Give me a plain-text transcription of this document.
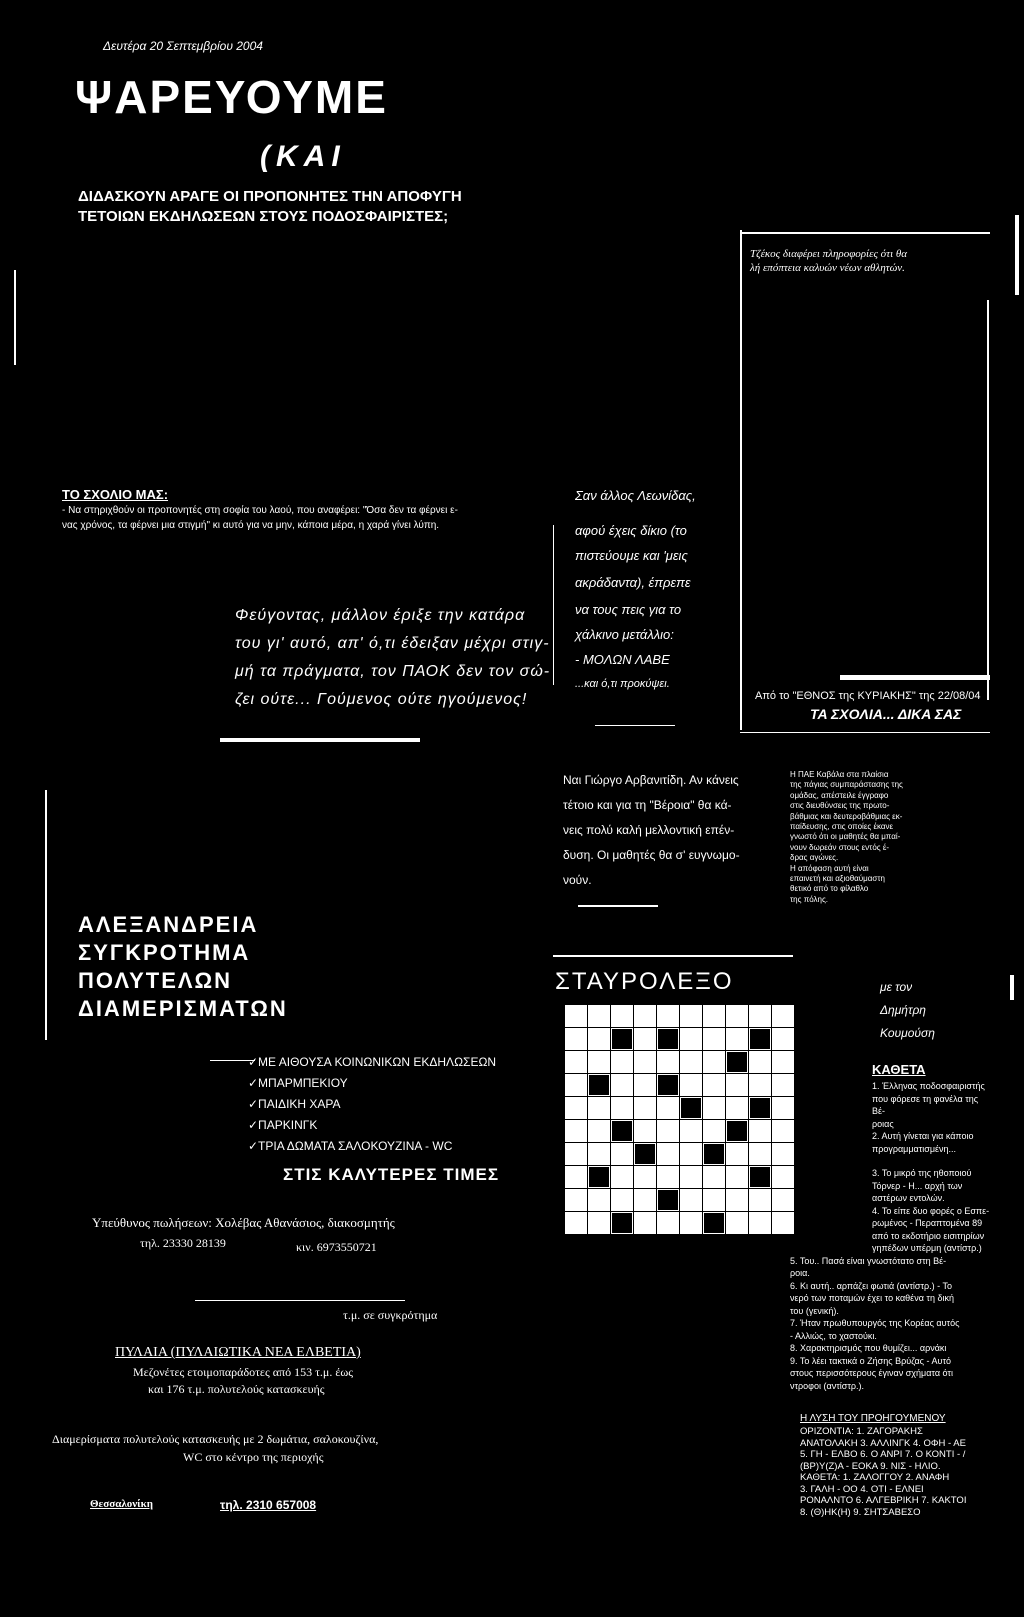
Δευτέρα 20 Σεπτεμβρίου 2004
ΨΑΡΕΥΟΥΜΕ
(ΚΑΙ
ΔΙΔΑΣΚΟΥΝ ΑΡΑΓΕ ΟΙ ΠΡΟΠΟΝΗΤΕΣ ΤΗΝ ΑΠΟΦΥΓΗ
ΤΕΤΟΙΩΝ ΕΚΔΗΛΩΣΕΩΝ ΣΤΟΥΣ ΠΟΔΟΣΦΑΙΡΙΣΤΕΣ;
Τζέκος διαφέρει πληροφορίες ότι θα
λή επόπτεια καλυών νέων αθλητών.
ΤΟ ΣΧΟΛΙΟ ΜΑΣ:
- Να στηριχθούν οι προπονητές στη σοφία του λαού, που αναφέρει: "Όσα δεν τα φέρνει ε-
νας χρόνος, τα φέρνει μια στιγμή" κι αυτό για να μην, κάποια μέρα, η χαρά γίνει λύπη.
Φεύγοντας, μάλλον έριξε την κατάρα
του γι' αυτό, απ' ό,τι έδειξαν μέχρι στιγ-
μή τα πράγματα, τον ΠΑΟΚ δεν τον σώ-
ζει ούτε... Γούμενος ούτε ηγούμενος!
Σαν άλλος Λεωνίδας,
αφού έχεις δίκιο (το
πιστεύουμε και 'μεις
ακράδαντα), έπρεπε
να τους πεις για το
χάλκινο μετάλλιο:
- ΜΟΛΩΝ ΛΑΒΕ
...και ό,τι προκύψει.
Από το "ΕΘΝΟΣ της ΚΥΡΙΑΚΗΣ" της 22/08/04
ΤΑ ΣΧΟΛΙΑ... ΔΙΚΑ ΣΑΣ
Ναι Γιώργο Αρβανιτίδη. Αν κάνεις
τέτοιο και για τη "Βέροια" θα κά-
νεις πολύ καλή μελλοντική επέν-
δυση. Οι μαθητές θα σ' ευγνωμο-
νούν.
Η ΠΑΕ Καβάλα στα πλαίσια
της πάγιας συμπαράστασης της
ομάδας, απέστειλε έγγραφο
στις διευθύνσεις της πρωτο-
βάθμιας και δευτεροβάθμιας εκ-
παίδευσης, στις οποίες έκανε
γνωστό ότι οι μαθητές θα μπαί-
νουν δωρεάν στους εντός έ-
δρας αγώνες.
Η απόφαση αυτή είναι
επαινετή και αξιοθαύμαστη
θετικό από το φίλαθλο
της πόλης.
ΑΛΕΞΑΝΔΡΕΙΑ
ΣΥΓΚΡΟΤΗΜΑ
ΠΟΛΥΤΕΛΩΝ
ΔΙΑΜΕΡΙΣΜΑΤΩΝ
✓ΜΕ ΑΙΘΟΥΣΑ ΚΟΙΝΩΝΙΚΩΝ ΕΚΔΗΛΩΣΕΩΝ
✓ΜΠΑΡΜΠΕΚΙΟΥ
✓ΠΑΙΔΙΚΗ ΧΑΡΑ
✓ΠΑΡΚΙΝΓΚ
✓ΤΡΙΑ ΔΩΜΑΤΑ ΣΑΛΟΚΟΥΖΙΝΑ - WC
ΣΤΙΣ ΚΑΛΥΤΕΡΕΣ ΤΙΜΕΣ
Υπεύθυνος πωλήσεων: Χολέβας Αθανάσιος, διακοσμητής
τηλ. 23330 28139	κιν. 6973550721
τ.μ. σε συγκρότημα
ΠΥΛΑΙΑ (ΠΥΛΑΙΩΤΙΚΑ ΝΕΑ ΕΛΒΕΤΙΑ)
Μεζονέτες ετοιμοπαράδοτες από 153 τ.μ. έως
και 176 τ.μ. πολυτελούς κατασκευής
Διαμερίσματα πολυτελούς κατασκευής με 2 δωμάτια, σαλοκουζίνα,
WC στο κέντρο της περιοχής
Θεσσαλονίκη	τηλ. 2310 657008
ΣΤΑΥΡΟΛΕΞΟ	με τον
Δημήτρη
Κουμούση
ΚΑΘΕΤΑ
1. Έλληνας ποδοσφαιριστής
που φόρεσε τη φανέλα της Βέ-
ροιας
2. Αυτή γίνεται για κάποιο
προγραμματισμένη...
3. Το μικρό της ηθοποιού
Τόρνερ - Η... αρχή των
αστέρων εντολών.
4. Το είπε δυο φορές ο Εσπε-
ρωμένος - Περαπτομένα 89
από το εκδοτήριο εισιτηρίων
γηπέδων υπέρμη (αντίστρ.)
5. Του.. Πασά είναι γνωστότατο στη Βέ-
ροια.
6. Κι αυτή.. αρπάζει φωτιά (αντίστρ.) - Το
νερό των ποταμών έχει το καθένα τη δική
του (γενική).
7. Ήταν πρωθυπουργός της Κορέας αυτός
- Αλλιώς, το χαστούκι.
8. Χαρακτηρισμός που θυμίζει... αρνάκι
9. Το λέει τακτικά ο Ζήσης Βρύζας - Αυτό
στους περισσότερους έγιναν σχήματα ότι
ντροφοι (αντίστρ.).
Η ΛΥΣΗ ΤΟΥ ΠΡΟΗΓΟΥΜΕΝΟΥ
ΟΡΙΖΟΝΤΙΑ: 1. ΖΑΓΟΡΑΚΗΣ
ΑΝΑΤΟΛΑΚΗ 3. ΑΛΛΙΝΓΚ 4. ΟΦΗ - ΑΕ
5. ΓΗ - ΕΛΒΟ 6. Ο ΑΝΡΙ 7. Ο ΚΟΝΤΙ - /
(ΒΡ)Υ(Ζ)Α - ΕΟΚΑ 9. ΝΙΣ - ΗΛΙΟ.
ΚΑΘΕΤΑ: 1. ΖΑΛΟΓΓΟΥ 2. ΑΝΑΦΗ
3. ΓΑΛΗ - ΟΟ 4. ΟΤΙ - ΕΛΝΕΙ
ΡΟΝΑΛΝΤΟ 6. ΑΛΓΕΒΡΙΚΗ 7. ΚΑΚΤΟΙ
8. (Θ)ΗΚ(Η) 9. ΣΗΤΣΑΒΕΣΟ
